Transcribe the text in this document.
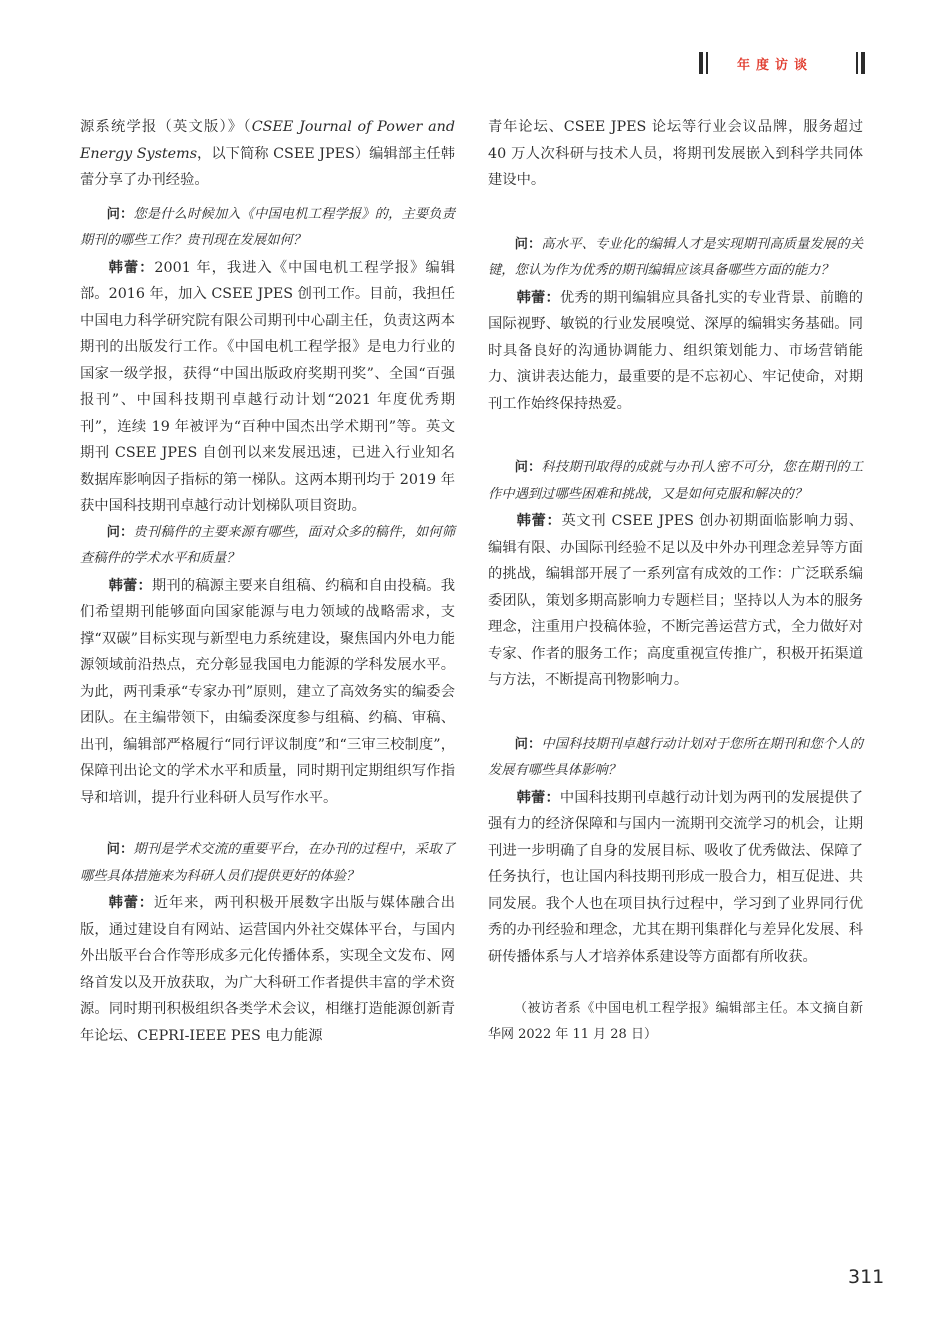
年度访谈

源系统学报（英文版）》（CSEE Journal of Power and Energy Systems，以下简称 CSEE JPES）编辑部主任韩蕾分享了办刊经验。

问：您是什么时候加入《中国电机工程学报》的，主要负责期刊的哪些工作？贵刊现在发展如何？

韩蕾：2001 年，我进入《中国电机工程学报》编辑部。2016 年，加入 CSEE JPES 创刊工作。目前，我担任中国电力科学研究院有限公司期刊中心副主任，负责这两本期刊的出版发行工作。《中国电机工程学报》是电力行业的国家一级学报，获得“中国出版政府奖期刊奖”、全国“百强报刊”、中国科技期刊卓越行动计划“2021 年度优秀期刊”，连续 19 年被评为“百种中国杰出学术期刊”等。英文期刊 CSEE JPES 自创刊以来发展迅速，已进入行业知名数据库影响因子指标的第一梯队。这两本期刊均于 2019 年获中国科技期刊卓越行动计划梯队项目资助。

问：贵刊稿件的主要来源有哪些，面对众多的稿件，如何筛查稿件的学术水平和质量？

韩蕾：期刊的稿源主要来自组稿、约稿和自由投稿。我们希望期刊能够面向国家能源与电力领域的战略需求，支撑“双碳”目标实现与新型电力系统建设，聚焦国内外电力能源领域前沿热点，充分彰显我国电力能源的学科发展水平。为此，两刊秉承“专家办刊”原则，建立了高效务实的编委会团队。在主编带领下，由编委深度参与组稿、约稿、审稿、出刊，编辑部严格履行“同行评议制度”和“三审三校制度”，保障刊出论文的学术水平和质量，同时期刊定期组织写作指导和培训，提升行业科研人员写作水平。

问：期刊是学术交流的重要平台，在办刊的过程中，采取了哪些具体措施来为科研人员们提供更好的体验？

韩蕾：近年来，两刊积极开展数字出版与媒体融合出版，通过建设自有网站、运营国内外社交媒体平台，与国内外出版平台合作等形成多元化传播体系，实现全文发布、网络首发以及开放获取，为广大科研工作者提供丰富的学术资源。同时期刊积极组织各类学术会议，相继打造能源创新青年论坛、CEPRI-IEEE PES 电力能源

青年论坛、CSEE JPES 论坛等行业会议品牌，服务超过 40 万人次科研与技术人员，将期刊发展嵌入到科学共同体建设中。

问：高水平、专业化的编辑人才是实现期刊高质量发展的关键，您认为作为优秀的期刊编辑应该具备哪些方面的能力？

韩蕾：优秀的期刊编辑应具备扎实的专业背景、前瞻的国际视野、敏锐的行业发展嗅觉、深厚的编辑实务基础。同时具备良好的沟通协调能力、组织策划能力、市场营销能力、演讲表达能力，最重要的是不忘初心、牢记使命，对期刊工作始终保持热爱。

问：科技期刊取得的成就与办刊人密不可分，您在期刊的工作中遇到过哪些困难和挑战，又是如何克服和解决的？

韩蕾：英文刊 CSEE JPES 创办初期面临影响力弱、编辑有限、办国际刊经验不足以及中外办刊理念差异等方面的挑战，编辑部开展了一系列富有成效的工作：广泛联系编委团队，策划多期高影响力专题栏目；坚持以人为本的服务理念，注重用户投稿体验，不断完善运营方式，全力做好对专家、作者的服务工作；高度重视宣传推广，积极开拓渠道与方法，不断提高刊物影响力。

问：中国科技期刊卓越行动计划对于您所在期刊和您个人的发展有哪些具体影响？

韩蕾：中国科技期刊卓越行动计划为两刊的发展提供了强有力的经济保障和与国内一流期刊交流学习的机会，让期刊进一步明确了自身的发展目标、吸收了优秀做法、保障了任务执行，也让国内科技期刊形成一股合力，相互促进、共同发展。我个人也在项目执行过程中，学习到了业界同行优秀的办刊经验和理念，尤其在期刊集群化与差异化发展、科研传播体系与人才培养体系建设等方面都有所收获。

（被访者系《中国电机工程学报》编辑部主任。本文摘自新华网 2022 年 11 月 28 日）

311
